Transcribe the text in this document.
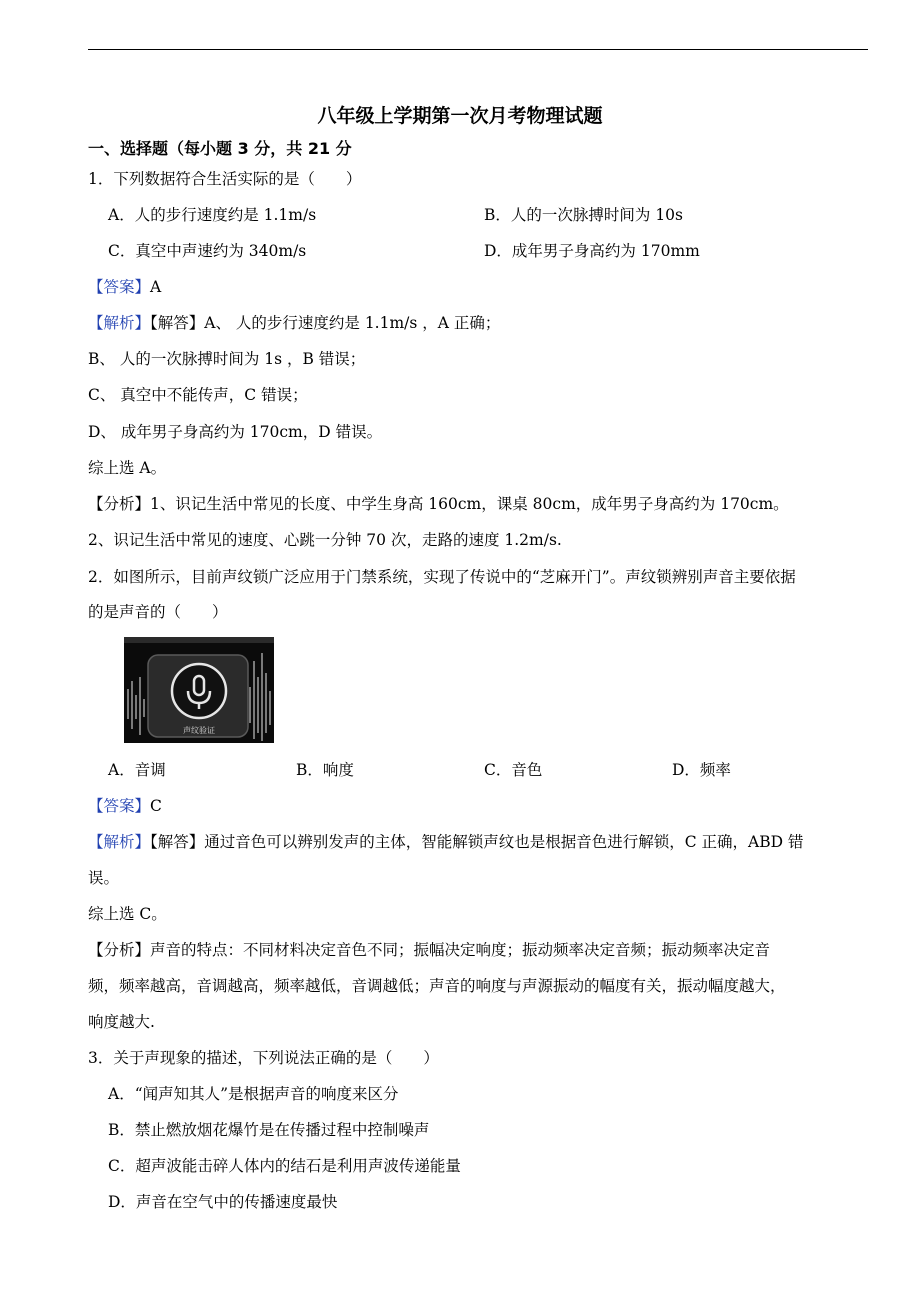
八年级上学期第一次月考物理试题
一、选择题（每小题 3 分，共 21 分
1．下列数据符合生活实际的是（　　）
A．人的步行速度约是 1.1m/s	B．人的一次脉搏时间为 10s
C．真空中声速约为 340m/s	D．成年男子身高约为 170mm
【答案】A
【解析】【解答】A、 人的步行速度约是 1.1m/s ，A 正确；
B、 人的一次脉搏时间为 1s ，B 错误；
C、 真空中不能传声，C 错误；
D、 成年男子身高约为 170cm，D 错误。
综上选 A。
【分析】1、识记生活中常见的长度、中学生身高 160cm，课桌 80cm，成年男子身高约为 170cm。
2、识记生活中常见的速度、心跳一分钟 70 次，走路的速度 1.2m/s.
2．如图所示，目前声纹锁广泛应用于门禁系统，实现了传说中的“芝麻开门”。声纹锁辨别声音主要依据
的是声音的（　　）
声纹验证
A．音调	B．响度	C．音色	D．频率
【答案】C
【解析】【解答】通过音色可以辨别发声的主体，智能解锁声纹也是根据音色进行解锁，C 正确，ABD 错
误。
综上选 C。
【分析】声音的特点：不同材料决定音色不同；振幅决定响度；振动频率决定音频；振动频率决定音
频，频率越高，音调越高，频率越低，音调越低；声音的响度与声源振动的幅度有关，振动幅度越大，
响度越大.
3．关于声现象的描述，下列说法正确的是（　　）
A．“闻声知其人”是根据声音的响度来区分
B．禁止燃放烟花爆竹是在传播过程中控制噪声
C．超声波能击碎人体内的结石是利用声波传递能量
D．声音在空气中的传播速度最快
